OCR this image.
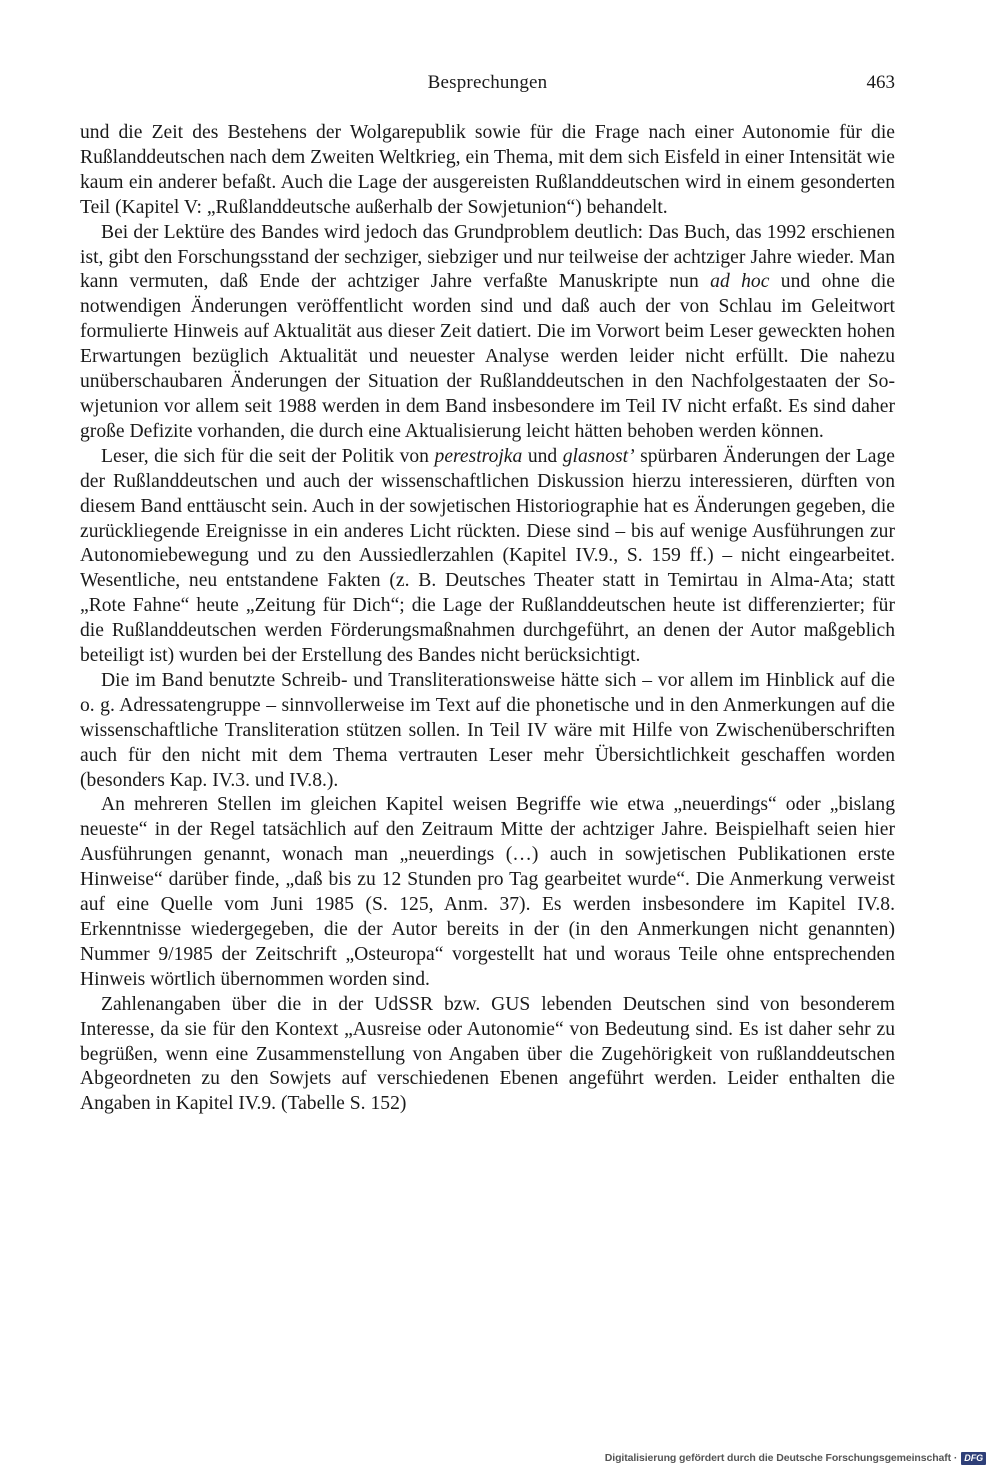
Besprechungen	463

und die Zeit des Bestehens der Wolgarepublik sowie für die Frage nach einer Autonomie für die Rußlanddeutschen nach dem Zweiten Weltkrieg, ein Thema, mit dem sich Eisfeld in einer Intensität wie kaum ein anderer befaßt. Auch die Lage der ausgereisten Rußlanddeutschen wird in einem gesonderten Teil (Kapitel V: „Rußlanddeutsche außerhalb der Sowjetunion“) behandelt.

Bei der Lektüre des Bandes wird jedoch das Grundproblem deutlich: Das Buch, das 1992 erschienen ist, gibt den Forschungsstand der sechziger, siebziger und nur teilweise der achtziger Jahre wieder. Man kann vermuten, daß Ende der achtziger Jahre verfaßte Manuskripte nun ad hoc und ohne die notwendigen Änderungen veröffentlicht worden sind und daß auch der von Schlau im Geleitwort formulierte Hinweis auf Aktualität aus dieser Zeit datiert. Die im Vorwort beim Leser geweckten hohen Erwartungen bezüglich Aktualität und neuester Analyse werden leider nicht erfüllt. Die nahezu unüberschaubaren Änderungen der Situation der Rußlanddeutschen in den Nachfolgestaaten der Sowjetunion vor allem seit 1988 werden in dem Band insbesondere im Teil IV nicht erfaßt. Es sind daher große Defizite vorhanden, die durch eine Aktualisierung leicht hätten behoben werden können.

Leser, die sich für die seit der Politik von perestrojka und glasnost’ spürbaren Änderungen der Lage der Rußlanddeutschen und auch der wissenschaftlichen Diskussion hierzu interessieren, dürften von diesem Band enttäuscht sein. Auch in der sowjetischen Historiographie hat es Änderungen gegeben, die zurückliegende Ereignisse in ein anderes Licht rückten. Diese sind – bis auf wenige Ausführungen zur Autonomiebewegung und zu den Aussiedlerzahlen (Kapitel IV.9., S. 159 ff.) – nicht eingearbeitet. Wesentliche, neu entstandene Fakten (z. B. Deutsches Theater statt in Temirtau in Alma-Ata; statt „Rote Fahne“ heute „Zeitung für Dich“; die Lage der Rußlanddeutschen heute ist differenzierter; für die Rußlanddeutschen werden Förderungsmaßnahmen durchgeführt, an denen der Autor maßgeblich beteiligt ist) wurden bei der Erstellung des Bandes nicht berücksichtigt.

Die im Band benutzte Schreib- und Transliterationsweise hätte sich – vor allem im Hinblick auf die o. g. Adressatengruppe – sinnvollerweise im Text auf die phonetische und in den Anmerkungen auf die wissenschaftliche Transliteration stützen sollen. In Teil IV wäre mit Hilfe von Zwischenüberschriften auch für den nicht mit dem Thema vertrauten Leser mehr Übersichtlichkeit geschaffen worden (besonders Kap. IV.3. und IV.8.).

An mehreren Stellen im gleichen Kapitel weisen Begriffe wie etwa „neuerdings“ oder „bislang neueste“ in der Regel tatsächlich auf den Zeitraum Mitte der achtziger Jahre. Beispielhaft seien hier Ausführungen genannt, wonach man „neuerdings (…) auch in sowjetischen Publikationen erste Hinweise“ darüber finde, „daß bis zu 12 Stunden pro Tag gearbeitet wurde“. Die Anmerkung verweist auf eine Quelle vom Juni 1985 (S. 125, Anm. 37). Es werden insbesondere im Kapitel IV.8. Erkenntnisse wiedergegeben, die der Autor bereits in der (in den Anmerkungen nicht genannten) Nummer 9/1985 der Zeitschrift „Osteuropa“ vorgestellt hat und woraus Teile ohne entsprechenden Hinweis wörtlich übernommen worden sind.

Zahlenangaben über die in der UdSSR bzw. GUS lebenden Deutschen sind von besonderem Interesse, da sie für den Kontext „Ausreise oder Autonomie“ von Bedeutung sind. Es ist daher sehr zu begrüßen, wenn eine Zusammenstellung von Angaben über die Zugehörigkeit von rußlanddeutschen Abgeordneten zu den Sowjets auf verschiedenen Ebenen angeführt werden. Leider enthalten die Angaben in Kapitel IV.9. (Tabelle S. 152)

Digitalisierung gefördert durch die Deutsche Forschungsgemeinschaft · DFG
